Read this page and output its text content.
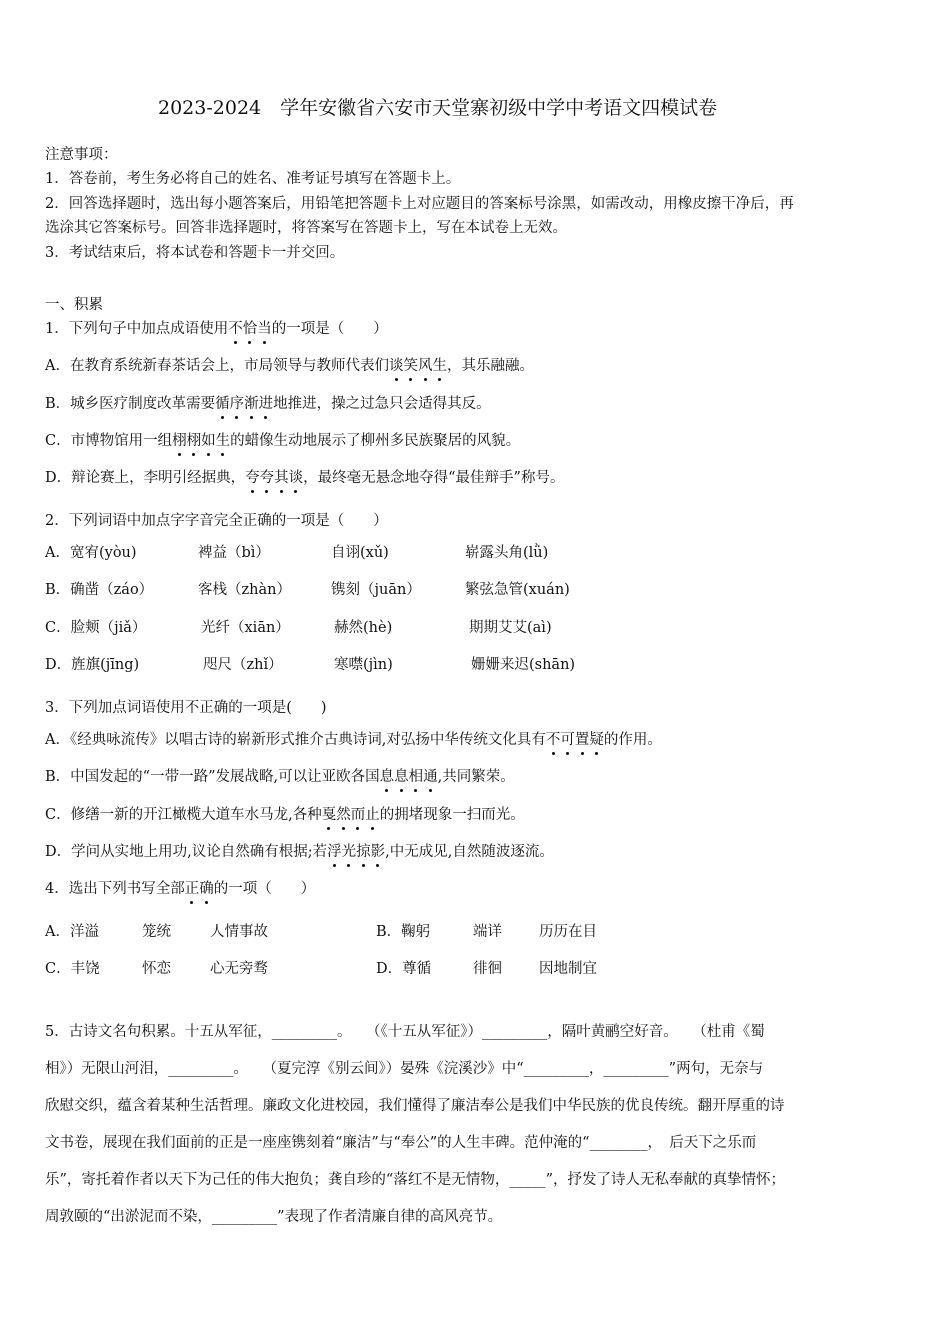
2023-2024　学年安徽省六安市天堂寨初级中学中考语文四模试卷
注意事项：
1．答卷前，考生务必将自己的姓名、准考证号填写在答题卡上。
2．回答选择题时，选出每小题答案后，用铅笔把答题卡上对应题目的答案标号涂黑，如需改动，用橡皮擦干净后，再
选涂其它答案标号。回答非选择题时，将答案写在答题卡上，写在本试卷上无效。
3．考试结束后，将本试卷和答题卡一并交回。
一、积累
1．下列句子中加点成语使用不恰当的一项是（　　）
A．在教育系统新春茶话会上，市局领导与教师代表们谈笑风生，其乐融融。
B．城乡医疗制度改革需要循序渐进地推进，操之过急只会适得其反。
C．市博物馆用一组栩栩如生的蜡像生动地展示了柳州多民族聚居的风貌。
D．辩论赛上，李明引经据典，夸夸其谈，最终毫无悬念地夺得“最佳辩手”称号。
2．下列词语中加点字字音完全正确的一项是（　　）
A．宽宥(yòu)	裨益（bì）	自诩(xǔ)	崭露头角(lǜ)
B．确凿（záo）	客栈（zhàn）	镌刻（juān）	繁弦急管(xuán)
C．脸颊（jiǎ）	光纤（xiān）	赫然(hè)	期期艾艾(aì)
D．旌旗(jīng)	咫尺（zhǐ）	寒噤(jìn)	姗姗来迟(shān)
3．下列加点词语使用不正确的一项是(　　)
A．《经典咏流传》以唱古诗的崭新形式推介古典诗词,对弘扬中华传统文化具有不可置疑的作用。
B．中国发起的“一带一路”发展战略,可以让亚欧各国息息相通,共同繁荣。
C．修缮一新的开江橄榄大道车水马龙,各种戛然而止的拥堵现象一扫而光。
D．学问从实地上用功,议论自然确有根据;若浮光掠影,中无成见,自然随波逐流。
4．选出下列书写全部正确的一项（　　）
A．洋溢	笼统	人情事故	B．鞠躬	端详	历历在目
C．丰饶	怀恋	心无旁骛	D．尊循	徘徊	因地制宜
5．古诗文名句积累。十五从军征，_________。　　（《十五从军征》）_________，隔叶黄鹂空好音。　　（杜甫《蜀
相》）无限山河泪，_________。　　（夏完淳《别云间》）晏殊《浣溪沙》中“_________，_________”两句，无奈与
欣慰交织，蕴含着某种生活哲理。廉政文化进校园，我们懂得了廉洁奉公是我们中华民族的优良传统。翻开厚重的诗
文书卷，展现在我们面前的正是一座座镌刻着“廉洁”与“奉公”的人生丰碑。范仲淹的“________，　后天下之乐而
乐”，寄托着作者以天下为己任的伟大抱负；龚自珍的“落红不是无情物，_____”，抒发了诗人无私奉献的真挚情怀；
周敦颐的“出淤泥而不染，_________”表现了作者清廉自律的高风亮节。
